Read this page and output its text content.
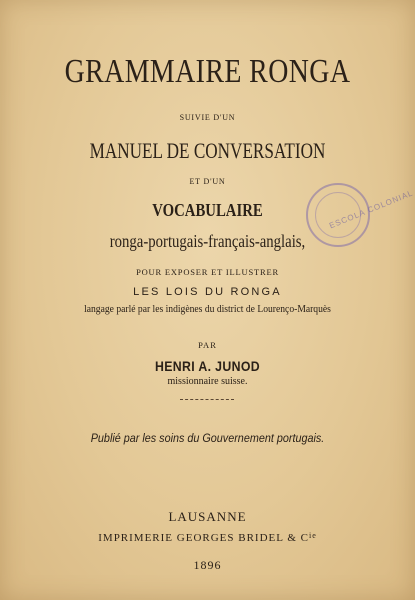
GRAMMAIRE RONGA
SUIVIE D'UN
MANUEL DE CONVERSATION
ET D'UN
VOCABULAIRE
ronga-portugais-français-anglais,
POUR EXPOSER ET ILLUSTRER
LES LOIS DU RONGA
langage parlé par les indigènes du district de Lourenço-Marquès
PAR
HENRI A. JUNOD
missionnaire suisse.
Publié par les soins du Gouvernement portugais.
LAUSANNE
IMPRIMERIE GEORGES BRIDEL & $C^{ie}$
1896
ESCOLA COLONIAL
